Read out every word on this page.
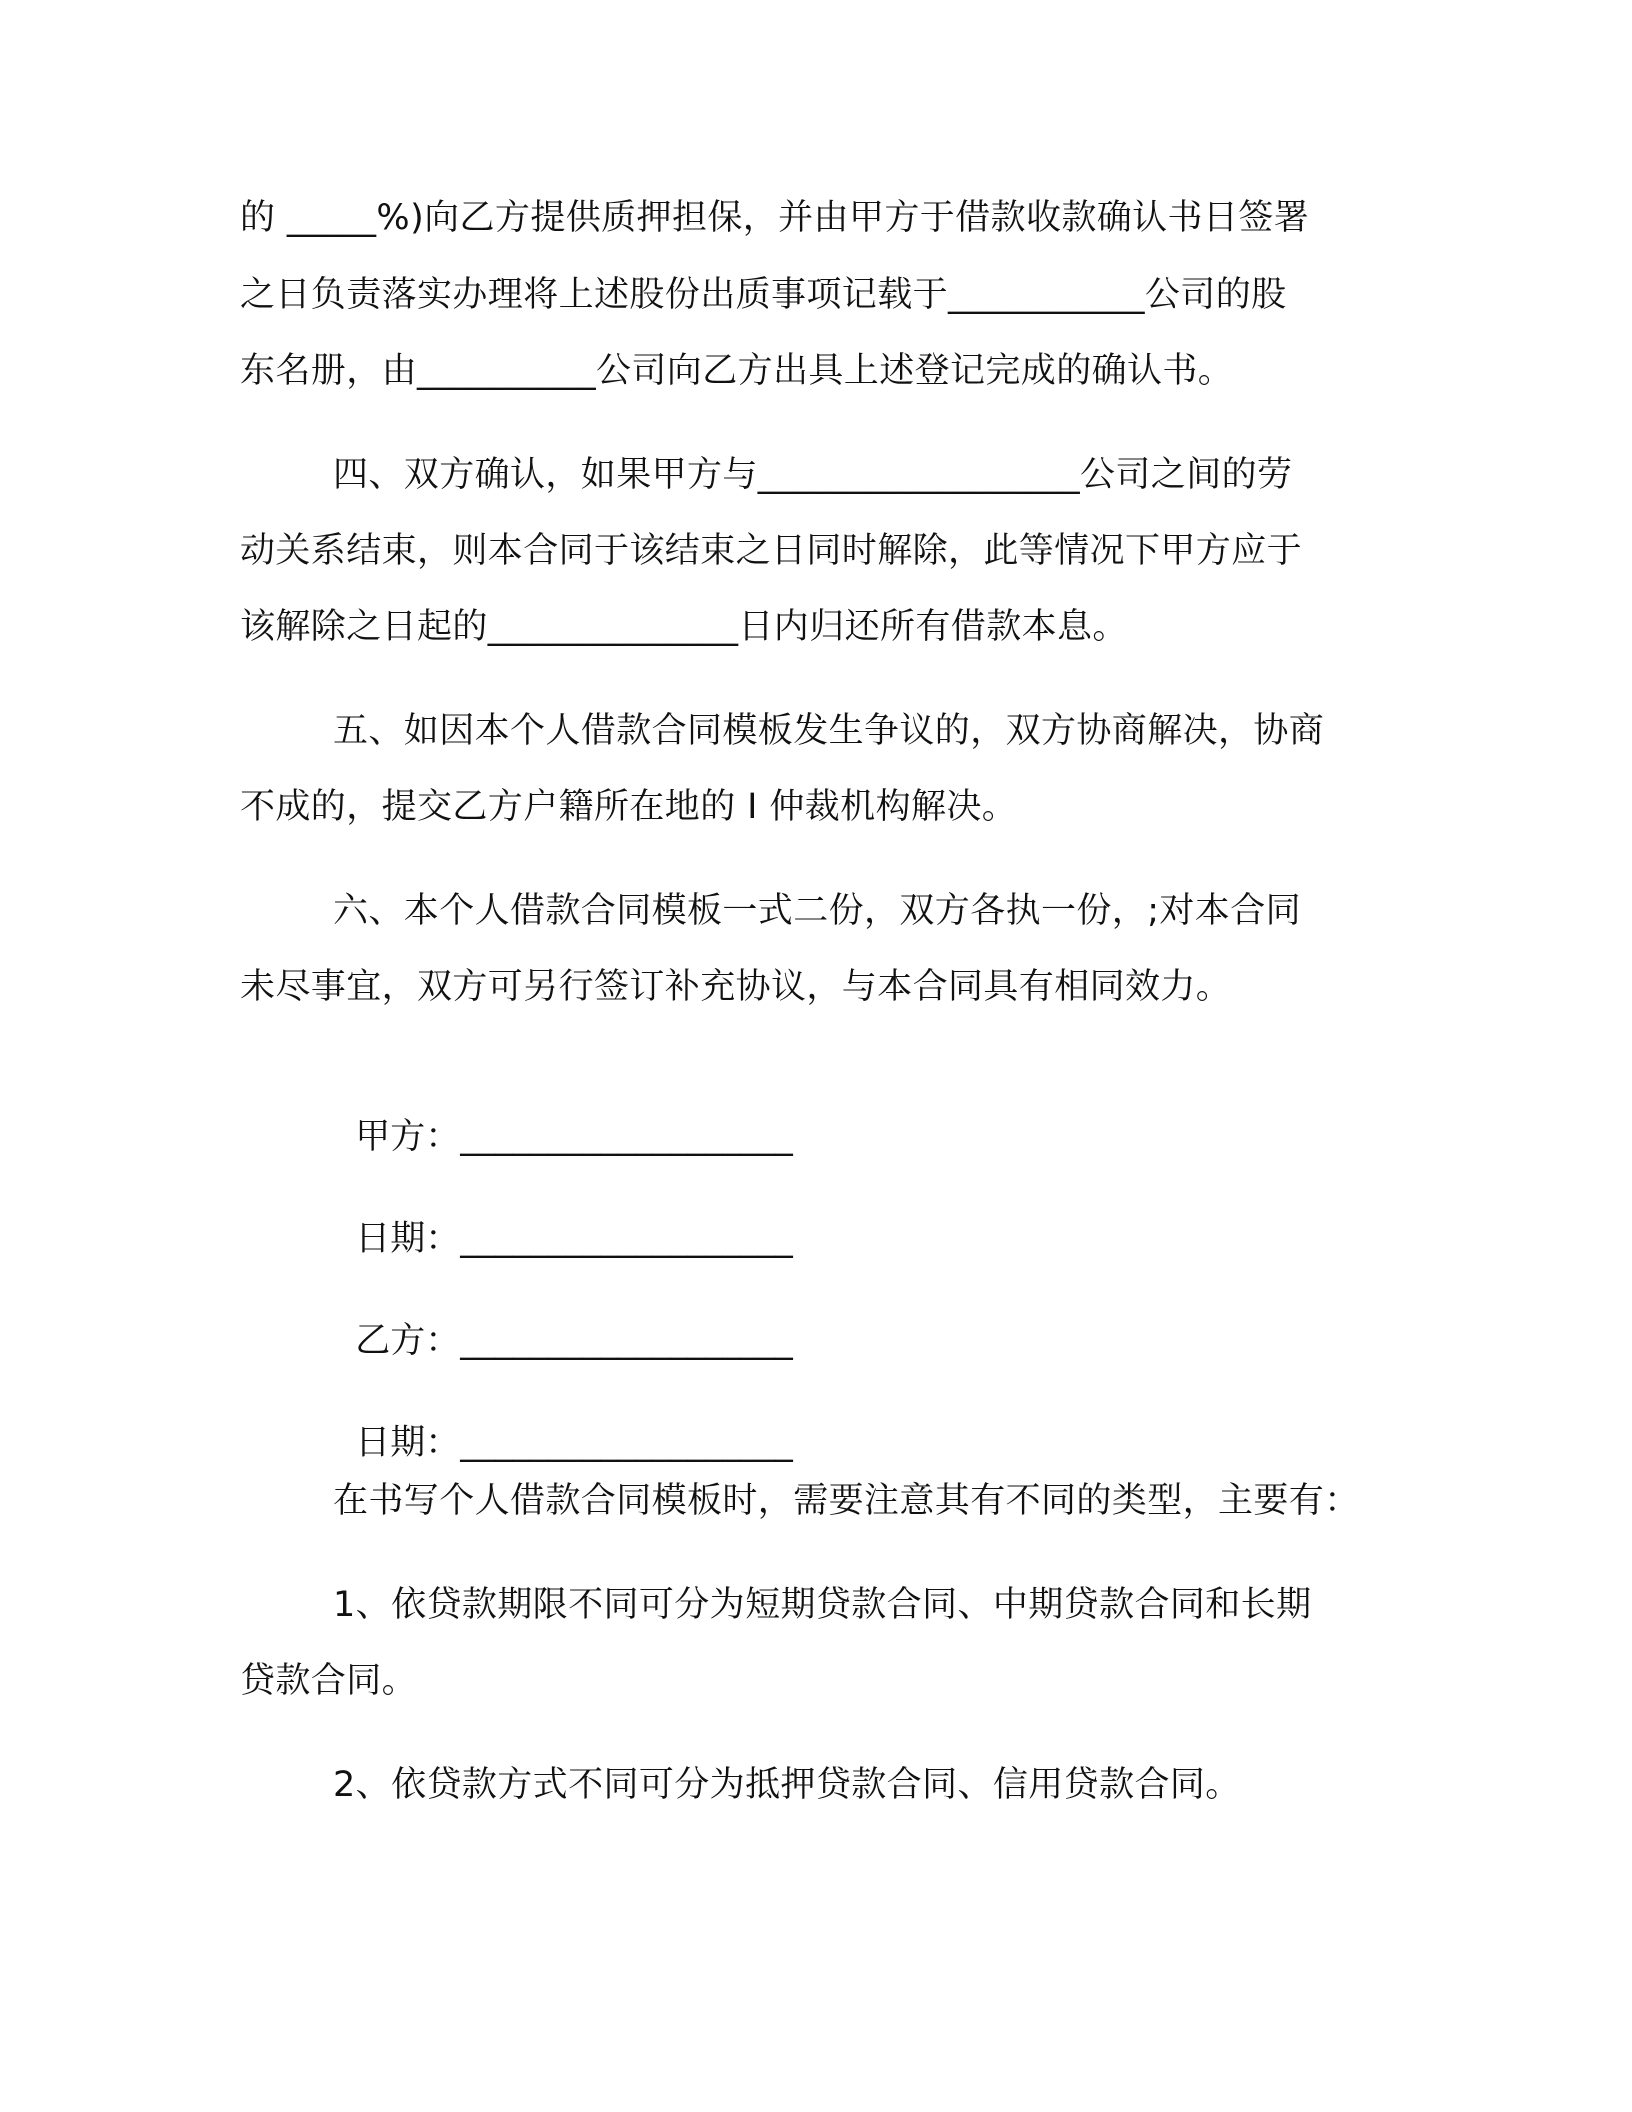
的 _____%)向乙方提供质押担保，并由甲方于借款收款确认书日签署

之日负责落实办理将上述股份出质事项记载于___________公司的股

东名册，由__________公司向乙方出具上述登记完成的确认书。

四、双方确认，如果甲方与__________________公司之间的劳

动关系结束，则本合同于该结束之日同时解除，此等情况下甲方应于

该解除之日起的______________日内归还所有借款本息。

五、如因本个人借款合同模板发生争议的，双方协商解决，协商

不成的，提交乙方户籍所在地的 I 仲裁机构解决。

六、本个人借款合同模板一式二份，双方各执一份，;对本合同

未尽事宜，双方可另行签订补充协议，与本合同具有相同效力。

甲方：___________________

日期：___________________

乙方：___________________

日期：___________________

在书写个人借款合同模板时，需要注意其有不同的类型，主要有：

1、依贷款期限不同可分为短期贷款合同、中期贷款合同和长期

贷款合同。

2、依贷款方式不同可分为抵押贷款合同、信用贷款合同。
